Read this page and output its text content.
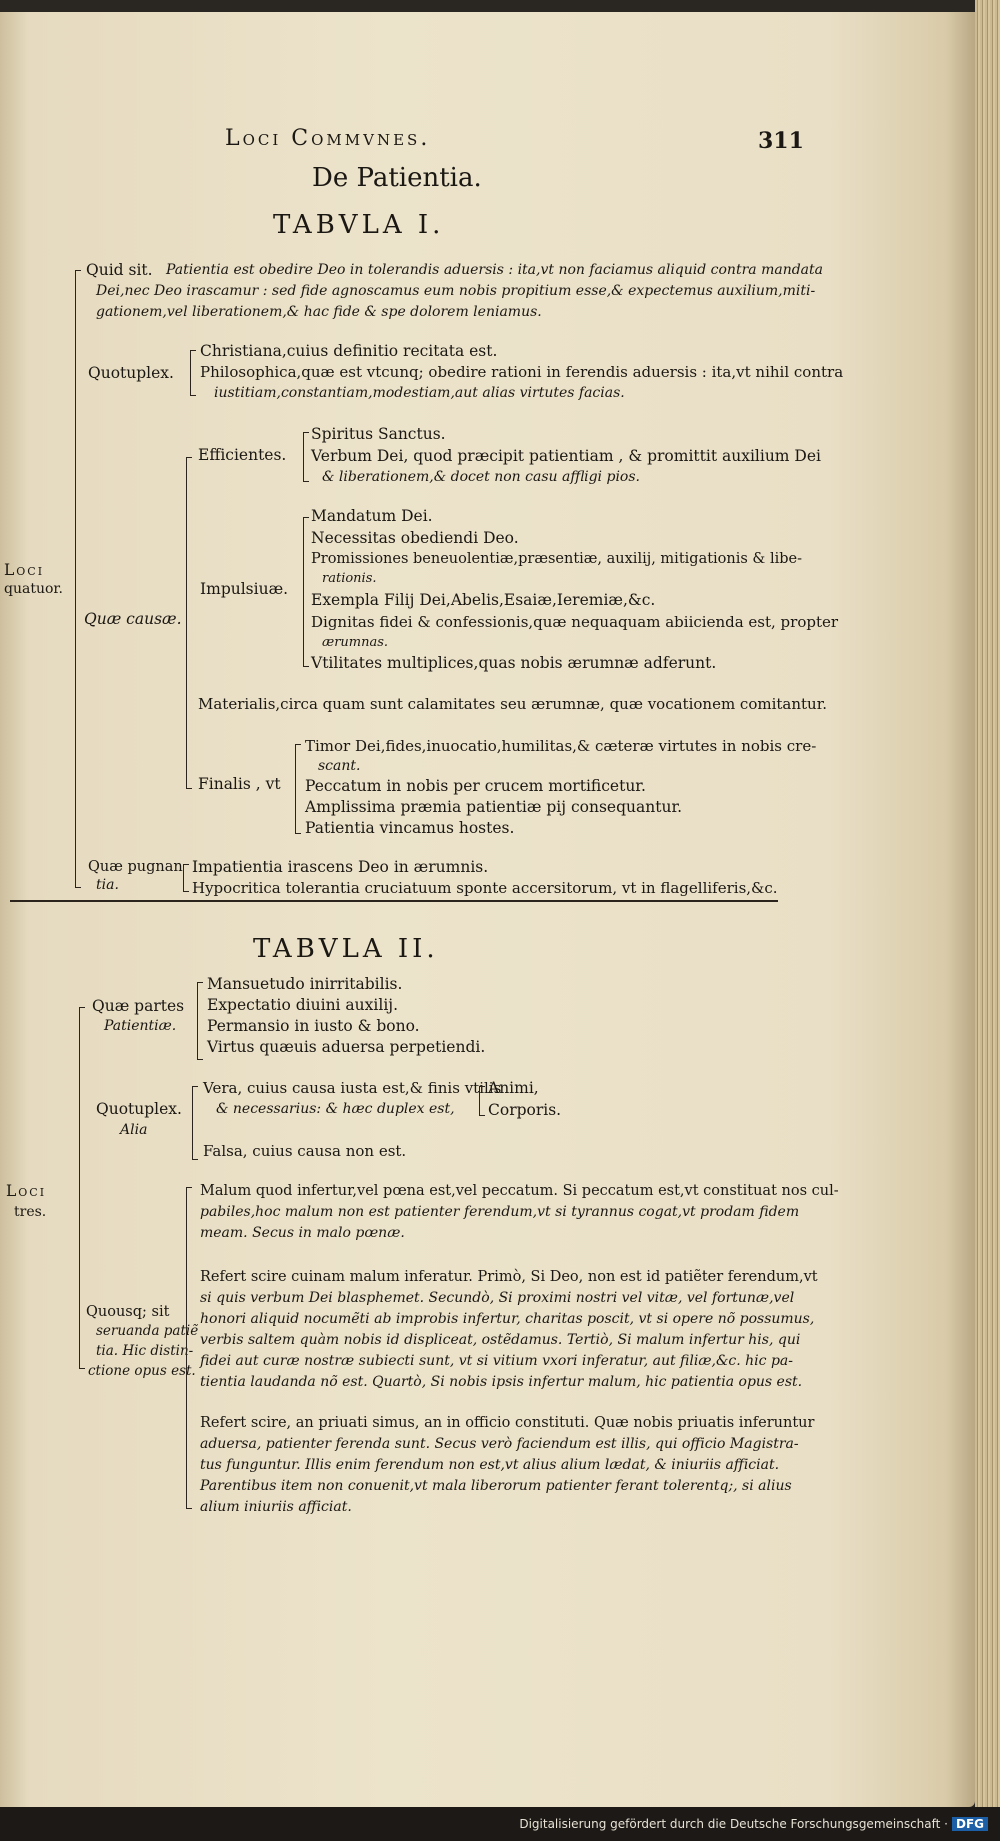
Loci Commvnes.	311
De Patientia.
TABVLA I.
Loci
quatuor.
Quid sit. Patientia est obedire Deo in tolerandis aduersis : ita,vt non faciamus aliquid contra mandata
Dei,nec Deo irascamur : sed fide agnoscamus eum nobis propitium esse,& expectemus auxilium,miti-
gationem,vel liberationem,& hac fide & spe dolorem leniamus.
Quotuplex.
Christiana,cuius definitio recitata est.
Philosophica,quæ est vtcunq; obedire rationi in ferendis aduersis : ita,vt nihil contra
iustitiam,constantiam,modestiam,aut alias virtutes facias.
Quæ causæ.
Efficientes.
Spiritus Sanctus.
Verbum Dei, quod præcipit patientiam , & promittit auxilium Dei
& liberationem,& docet non casu affligi pios.
Impulsiuæ.
Mandatum Dei.
Necessitas obediendi Deo.
Promissiones beneuolentiæ,præsentiæ, auxilij, mitigationis & libe-
rationis.
Exempla Filij Dei,Abelis,Esaiæ,Ieremiæ,&c.
Dignitas fidei & confessionis,quæ nequaquam abiicienda est, propter
ærumnas.
Vtilitates multiplices,quas nobis ærumnæ adferunt.
Materialis,circa quam sunt calamitates seu ærumnæ, quæ vocationem comitantur.
Finalis , vt
Timor Dei,fides,inuocatio,humilitas,& cæteræ virtutes in nobis cre-
scant.
Peccatum in nobis per crucem mortificetur.
Amplissima præmia patientiæ pij consequantur.
Patientia vincamus hostes.
Quæ pugnan
tia.
Impatientia irascens Deo in ærumnis.
Hypocritica tolerantia cruciatuum sponte accersitorum, vt in flagelliferis,&c.
TABVLA II.
Loci
tres.
Quæ partes
Patientiæ.
Mansuetudo inirritabilis.
Expectatio diuini auxilij.
Permansio in iusto & bono.
Virtus quæuis aduersa perpetiendi.
Quotuplex.
Alia
Vera, cuius causa iusta est,& finis vtilis
& necessarius: & hæc duplex est,
Falsa, cuius causa non est.
Animi,
Corporis.
Quousq; sit
seruanda patiẽ
tia. Hic distin-
ctione opus est.
Malum quod infertur,vel pœna est,vel peccatum. Si peccatum est,vt constituat nos cul-
pabiles,hoc malum non est patienter ferendum,vt si tyrannus cogat,vt prodam fidem
meam. Secus in malo pœnæ.
Refert scire cuinam malum inferatur. Primò, Si Deo, non est id patiẽter ferendum,vt
si quis verbum Dei blasphemet. Secundò, Si proximi nostri vel vitæ, vel fortunæ,vel
honori aliquid nocumẽti ab improbis infertur, charitas poscit, vt si opere nõ possumus,
verbis saltem quàm nobis id displiceat, ostẽdamus. Tertiò, Si malum infertur his, qui
fidei aut curæ nostræ subiecti sunt, vt si vitium vxori inferatur, aut filiæ,&c. hic pa-
tientia laudanda nõ est. Quartò, Si nobis ipsis infertur malum, hic patientia opus est.
Refert scire, an priuati simus, an in officio constituti. Quæ nobis priuatis inferuntur
aduersa, patienter ferenda sunt. Secus verò faciendum est illis, qui officio Magistra-
tus funguntur. Illis enim ferendum non est,vt alius alium lædat, & iniuriis afficiat.
Parentibus item non conuenit,vt mala liberorum patienter ferant tolerentq;, si alius
alium iniuriis afficiat.
Digitalisierung gefördert durch die Deutsche Forschungsgemeinschaft · DFG
